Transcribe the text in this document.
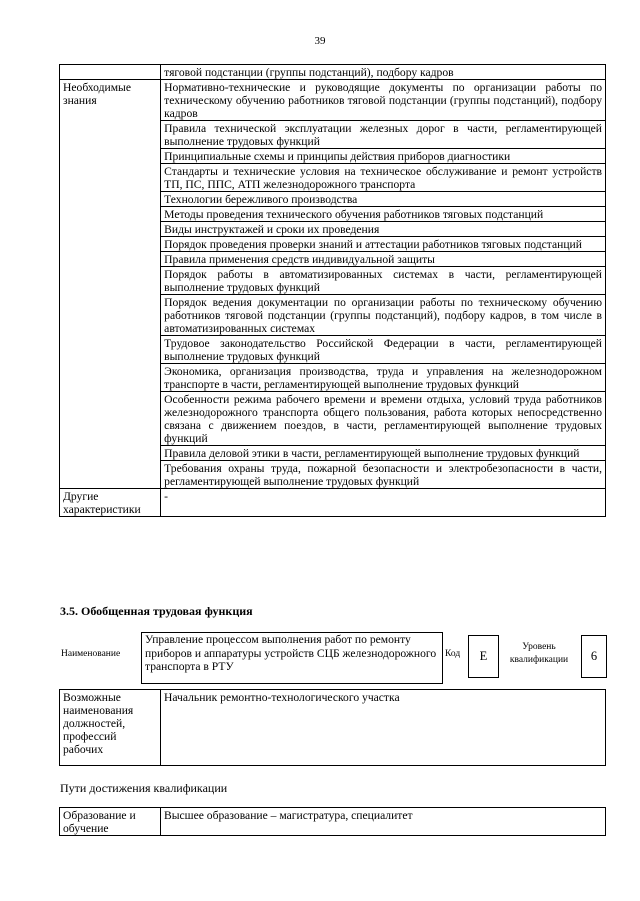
39
	тяговой подстанции (группы подстанций), подбору кадров
Необходимые знания	Нормативно-технические и руководящие документы по организации работы по техническому обучению работников тяговой подстанции (группы подстанций), подбору кадров
	Правила технической эксплуатации железных дорог в части, регламентирующей выполнение трудовых функций
	Принципиальные схемы и принципы действия приборов диагностики
	Стандарты и технические условия на техническое обслуживание и ремонт устройств ТП, ПС, ППС, АТП железнодорожного транспорта
	Технологии бережливого производства
	Методы проведения технического обучения работников тяговых подстанций
	Виды инструктажей и сроки их проведения
	Порядок проведения проверки знаний и аттестации работников тяговых подстанций
	Правила применения средств индивидуальной защиты
	Порядок работы в автоматизированных системах в части, регламентирующей выполнение трудовых функций
	Порядок ведения документации по организации работы по техническому обучению работников тяговой подстанции (группы подстанций), подбору кадров, в том числе в автоматизированных системах
	Трудовое законодательство Российской Федерации в части, регламентирующей выполнение трудовых функций
	Экономика, организация производства, труда и управления на железнодорожном транспорте в части, регламентирующей выполнение трудовых функций
	Особенности режима рабочего времени и времени отдыха, условий труда работников железнодорожного транспорта общего пользования, работа которых непосредственно связана с движением поездов, в части, регламентирующей выполнение трудовых функций
	Правила деловой этики в части, регламентирующей выполнение трудовых функций
	Требования охраны труда, пожарной безопасности и электробезопасности в части, регламентирующей выполнение трудовых функций
Другие характеристики	-
3.5. Обобщенная трудовая функция
Наименование
Управление процессом выполнения работ по ремонту приборов и аппаратуры устройств СЦБ железнодорожного транспорта в РТУ
Код	E
Уровень квалификации	6
Возможные наименования должностей, профессий рабочих	Начальник ремонтно-технологического участка
Пути достижения квалификации
Образование и обучение	Высшее образование – магистратура, специалитет
